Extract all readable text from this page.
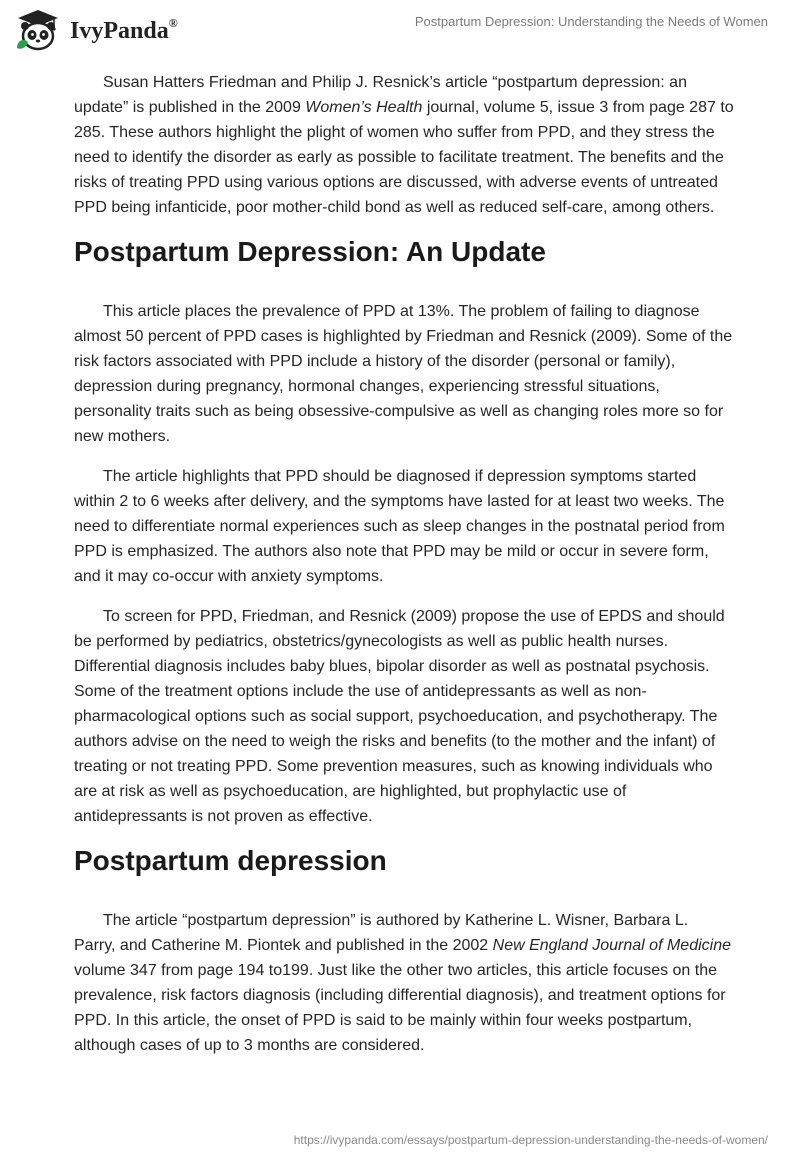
IvyPanda®	Postpartum Depression: Understanding the Needs of Women

Susan Hatters Friedman and Philip J. Resnick’s article “postpartum depression: an update” is published in the 2009 Women’s Health journal, volume 5, issue 3 from page 287 to 285. These authors highlight the plight of women who suffer from PPD, and they stress the need to identify the disorder as early as possible to facilitate treatment. The benefits and the risks of treating PPD using various options are discussed, with adverse events of untreated PPD being infanticide, poor mother-child bond as well as reduced self-care, among others.

Postpartum Depression: An Update

This article places the prevalence of PPD at 13%. The problem of failing to diagnose almost 50 percent of PPD cases is highlighted by Friedman and Resnick (2009). Some of the risk factors associated with PPD include a history of the disorder (personal or family), depression during pregnancy, hormonal changes, experiencing stressful situations, personality traits such as being obsessive-compulsive as well as changing roles more so for new mothers.

The article highlights that PPD should be diagnosed if depression symptoms started within 2 to 6 weeks after delivery, and the symptoms have lasted for at least two weeks. The need to differentiate normal experiences such as sleep changes in the postnatal period from PPD is emphasized. The authors also note that PPD may be mild or occur in severe form, and it may co-occur with anxiety symptoms.

To screen for PPD, Friedman, and Resnick (2009) propose the use of EPDS and should be performed by pediatrics, obstetrics/gynecologists as well as public health nurses. Differential diagnosis includes baby blues, bipolar disorder as well as postnatal psychosis. Some of the treatment options include the use of antidepressants as well as non-pharmacological options such as social support, psychoeducation, and psychotherapy. The authors advise on the need to weigh the risks and benefits (to the mother and the infant) of treating or not treating PPD. Some prevention measures, such as knowing individuals who are at risk as well as psychoeducation, are highlighted, but prophylactic use of antidepressants is not proven as effective.

Postpartum depression

The article “postpartum depression” is authored by Katherine L. Wisner, Barbara L. Parry, and Catherine M. Piontek and published in the 2002 New England Journal of Medicine volume 347 from page 194 to199. Just like the other two articles, this article focuses on the prevalence, risk factors diagnosis (including differential diagnosis), and treatment options for PPD. In this article, the onset of PPD is said to be mainly within four weeks postpartum, although cases of up to 3 months are considered.

https://ivypanda.com/essays/postpartum-depression-understanding-the-needs-of-women/
